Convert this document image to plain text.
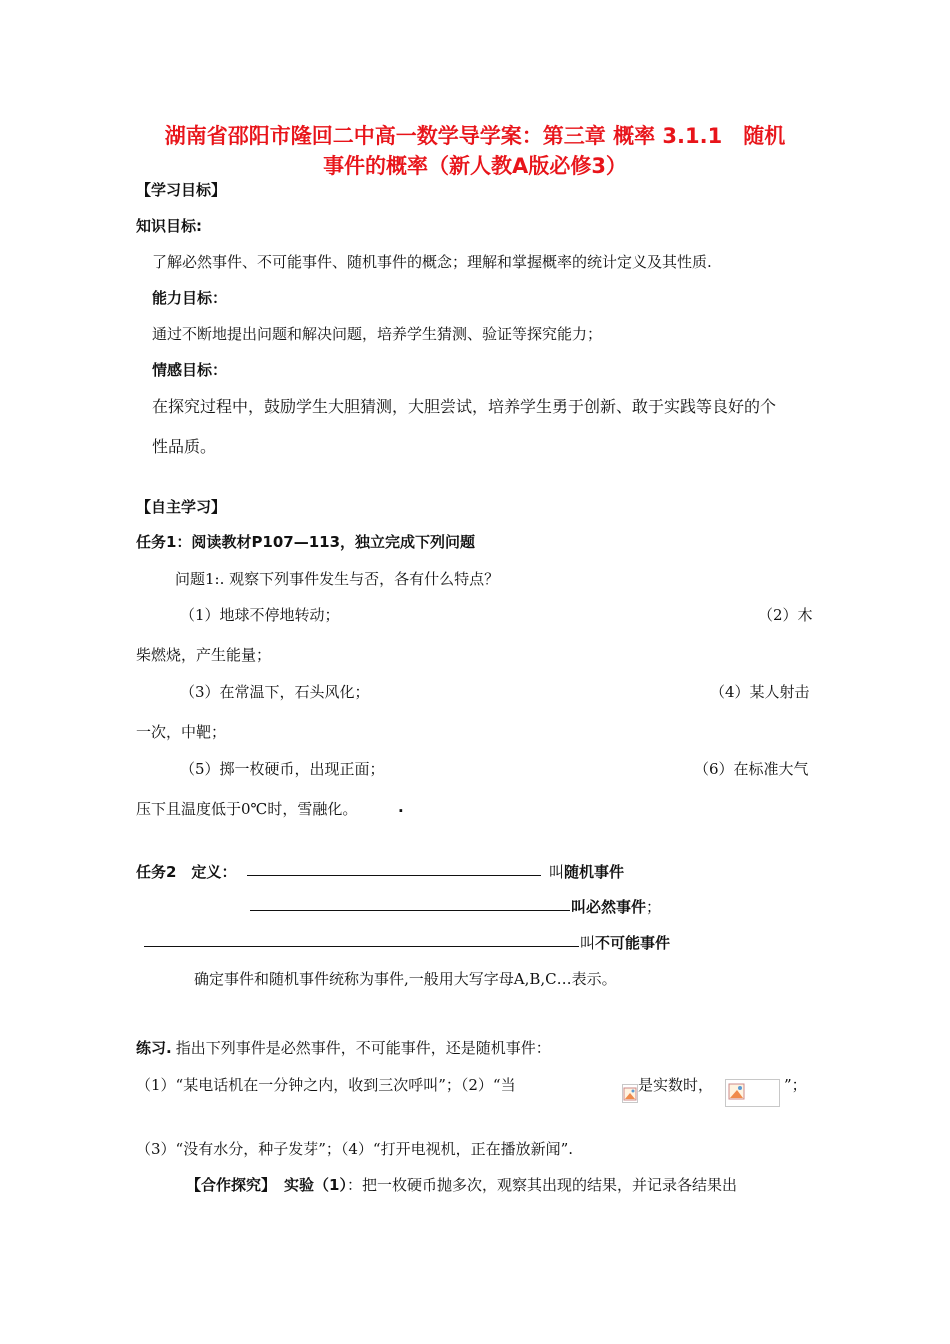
湖南省邵阳市隆回二中高一数学导学案：第三章 概率 3.1.1　随机
事件的概率（新人教A版必修3）
【学习目标】
知识目标:
了解必然事件、不可能事件、随机事件的概念；理解和掌握概率的统计定义及其性质.
能力目标：
通过不断地提出问题和解决问题，培养学生猜测、验证等探究能力；
情感目标：
在探究过程中，鼓励学生大胆猜测，大胆尝试，培养学生勇于创新、敢于实践等良好的个
性品质。
【自主学习】
任务1：阅读教材P107—113，独立完成下列问题
问题1:. 观察下列事件发生与否，各有什么特点？
（1）地球不停地转动；	（2）木
柴燃烧，产生能量；
（3）在常温下，石头风化；	（4）某人射击
一次，中靶；
（5）掷一枚硬币，出现正面；	（6）在标准大气
压下且温度低于0℃时，雪融化。	.
任务2　定义：	叫随机事件
叫必然事件；
叫不可能事件
确定事件和随机事件统称为事件,一般用大写字母A,B,C…表示。
练习. 指出下列事件是必然事件，不可能事件，还是随机事件：
（1）“某电话机在一分钟之内，收到三次呼叫”；（2）“当	是实数时，	”；
（3）“没有水分，种子发芽”；（4）“打开电视机，正在播放新闻”.
【合作探究】 实验（1）：把一枚硬币抛多次，观察其出现的结果，并记录各结果出
